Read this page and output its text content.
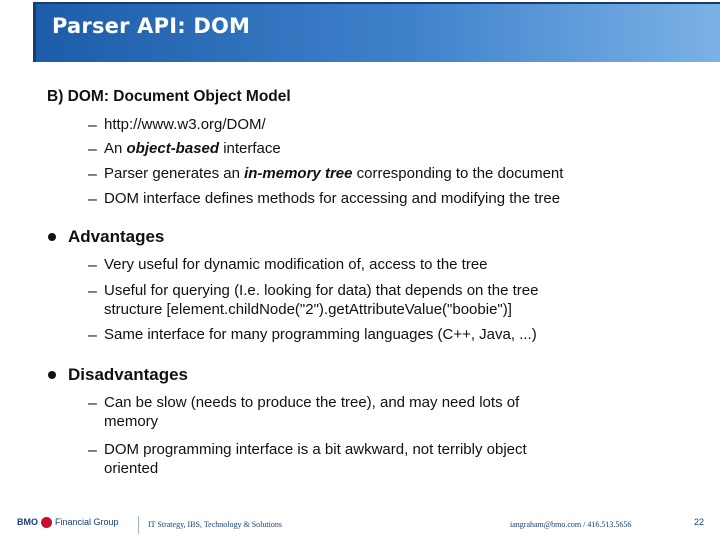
Parser API: DOM
B) DOM: Document Object Model
– http://www.w3.org/DOM/
– An object-based interface
– Parser generates an in-memory tree corresponding to the document
– DOM interface defines methods for accessing and modifying the tree
Advantages
– Very useful for dynamic modification of, access to the tree
– Useful for querying (I.e. looking for data) that depends on the tree
structure [element.childNode("2").getAttributeValue("boobie")]
– Same interface for many programming languages (C++, Java, ...)
Disadvantages
– Can be slow (needs to produce the tree), and may need lots of
memory
– DOM programming interface is a bit awkward, not terribly object
oriented
BMO Financial Group	IT Strategy, IBS, Technology & Solutions	iangraham@bmo.com / 416.513.5656	22
